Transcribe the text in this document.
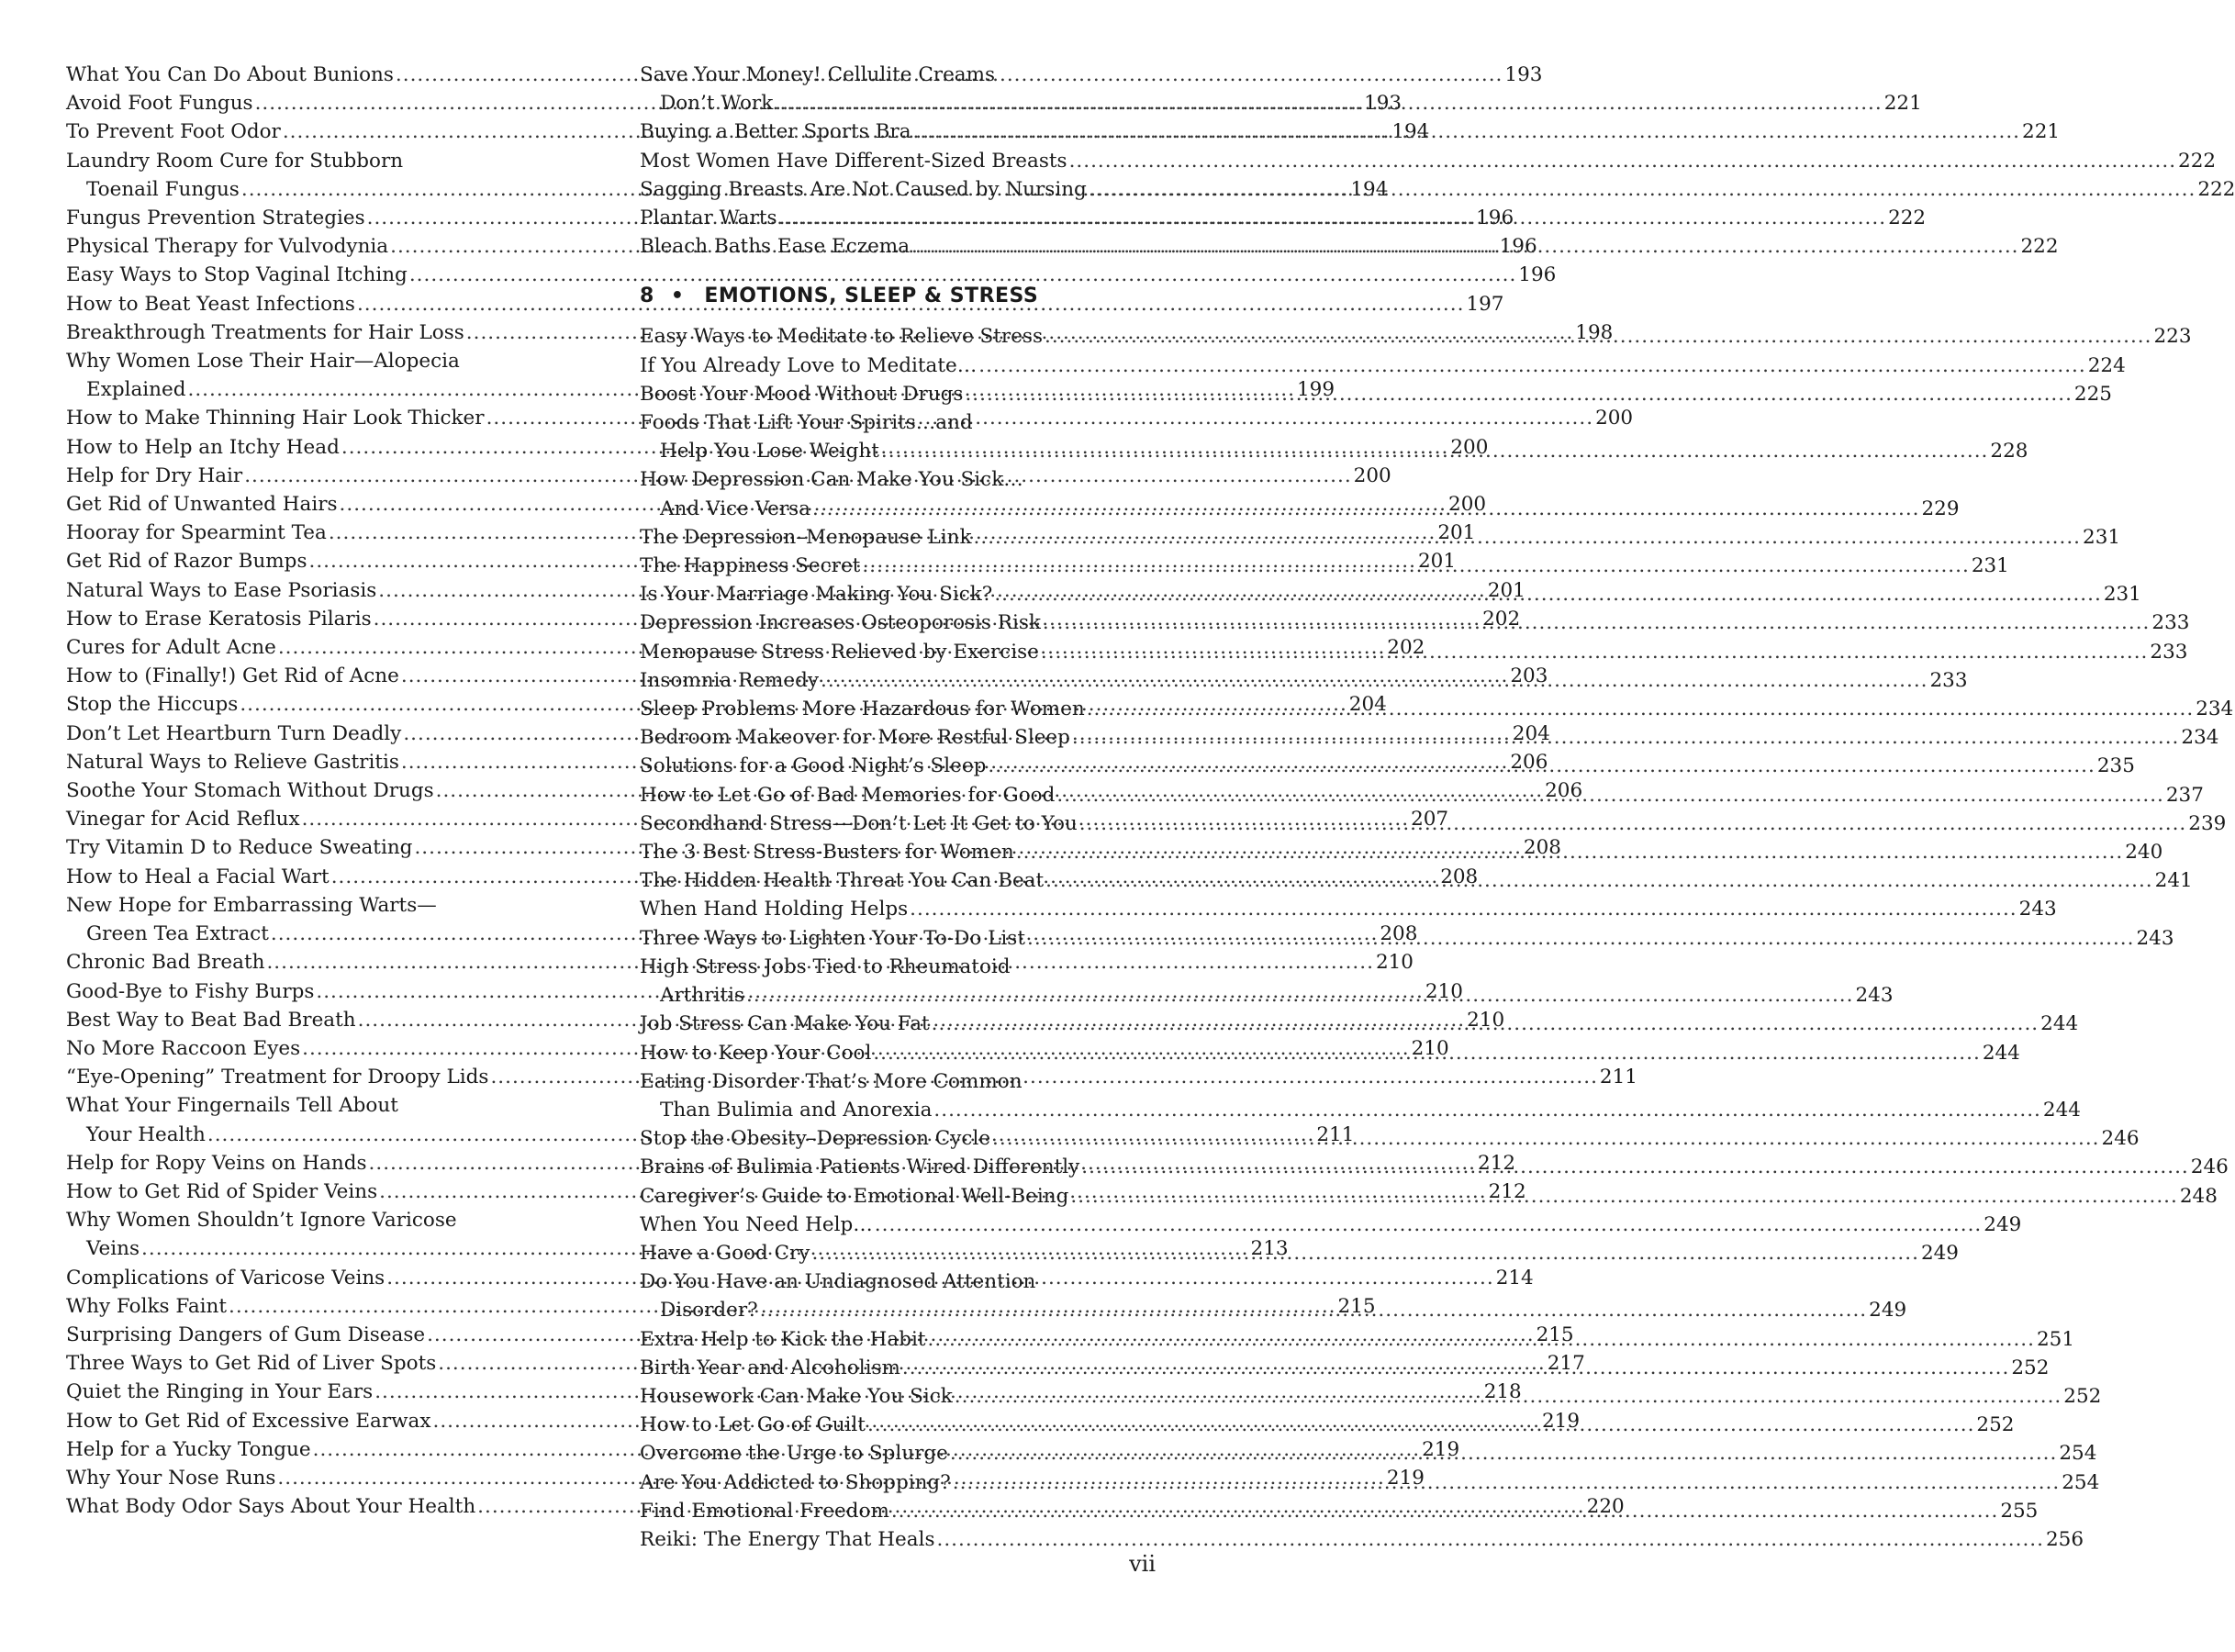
What You Can Do About Bunions .....	193
Avoid Foot Fungus .....	193
To Prevent Foot Odor .....	194
Laundry Room Cure for Stubborn
Toenail Fungus .....	194
Fungus Prevention Strategies .....	196
Physical Therapy for Vulvodynia .....	196
Easy Ways to Stop Vaginal Itching .....	196
How to Beat Yeast Infections .....	197
Breakthrough Treatments for Hair Loss .....	198
Why Women Lose Their Hair—Alopecia
Explained .....	199
How to Make Thinning Hair Look Thicker .....	200
How to Help an Itchy Head .....	200
Help for Dry Hair .....	200
Get Rid of Unwanted Hairs .....	200
Hooray for Spearmint Tea .....	201
Get Rid of Razor Bumps .....	201
Natural Ways to Ease Psoriasis .....	201
How to Erase Keratosis Pilaris .....	202
Cures for Adult Acne .....	202
How to (Finally!) Get Rid of Acne .....	203
Stop the Hiccups .....	204
Don’t Let Heartburn Turn Deadly .....	204
Natural Ways to Relieve Gastritis .....	206
Soothe Your Stomach Without Drugs .....	206
Vinegar for Acid Reflux .....	207
Try Vitamin D to Reduce Sweating .....	208
How to Heal a Facial Wart .....	208
New Hope for Embarrassing Warts—
Green Tea Extract .....	208
Chronic Bad Breath .....	210
Good-Bye to Fishy Burps .....	210
Best Way to Beat Bad Breath .....	210
No More Raccoon Eyes .....	210
“Eye-Opening” Treatment for Droopy Lids .....	211
What Your Fingernails Tell About
Your Health .....	211
Help for Ropy Veins on Hands .....	212
How to Get Rid of Spider Veins .....	212
Why Women Shouldn’t Ignore Varicose
Veins .....	213
Complications of Varicose Veins .....	214
Why Folks Faint .....	215
Surprising Dangers of Gum Disease .....	215
Three Ways to Get Rid of Liver Spots .....	217
Quiet the Ringing in Your Ears .....	218
How to Get Rid of Excessive Earwax .....	219
Help for a Yucky Tongue .....	219
Why Your Nose Runs .....	219
What Body Odor Says About Your Health .....	220
Save Your Money! Cellulite Creams
Don’t Work .....	221
Buying a Better Sports Bra .....	221
Most Women Have Different-Sized Breasts .....	222
Sagging Breasts Are Not Caused by Nursing .....	222
Plantar Warts .....	222
Bleach Baths Ease Eczema .....	222
8 • EMOTIONS, SLEEP & STRESS
Easy Ways to Meditate to Relieve Stress .....	223
If You Already Love to Meditate… .....	224
Boost Your Mood Without Drugs .....	225
Foods That Lift Your Spirits…and
Help You Lose Weight .....	228
How Depression Can Make You Sick…
And Vice Versa .....	229
The Depression–Menopause Link .....	231
The Happiness Secret .....	231
Is Your Marriage Making You Sick? .....	231
Depression Increases Osteoporosis Risk .....	233
Menopause Stress Relieved by Exercise .....	233
Insomnia Remedy .....	233
Sleep Problems More Hazardous for Women .....	234
Bedroom Makeover for More Restful Sleep .....	234
Solutions for a Good Night’s Sleep .....	235
How to Let Go of Bad Memories for Good .....	237
Secondhand Stress—Don’t Let It Get to You .....	239
The 3 Best Stress-Busters for Women .....	240
The Hidden Health Threat You Can Beat .....	241
When Hand Holding Helps .....	243
Three Ways to Lighten Your To-Do List .....	243
High Stress Jobs Tied to Rheumatoid
Arthritis .....	243
Job Stress Can Make You Fat .....	244
How to Keep Your Cool .....	244
Eating Disorder That’s More Common
Than Bulimia and Anorexia .....	244
Stop the Obesity–Depression Cycle .....	246
Brains of Bulimia Patients Wired Differently .....	246
Caregiver’s Guide to Emotional Well-Being .....	248
When You Need Help… .....	249
Have a Good Cry .....	249
Do You Have an Undiagnosed Attention
Disorder? .....	249
Extra Help to Kick the Habit .....	251
Birth Year and Alcoholism .....	252
Housework Can Make You Sick .....	252
How to Let Go of Guilt .....	252
Overcome the Urge to Splurge .....	254
Are You Addicted to Shopping? .....	254
Find Emotional Freedom .....	255
Reiki: The Energy That Heals .....	256
vii
